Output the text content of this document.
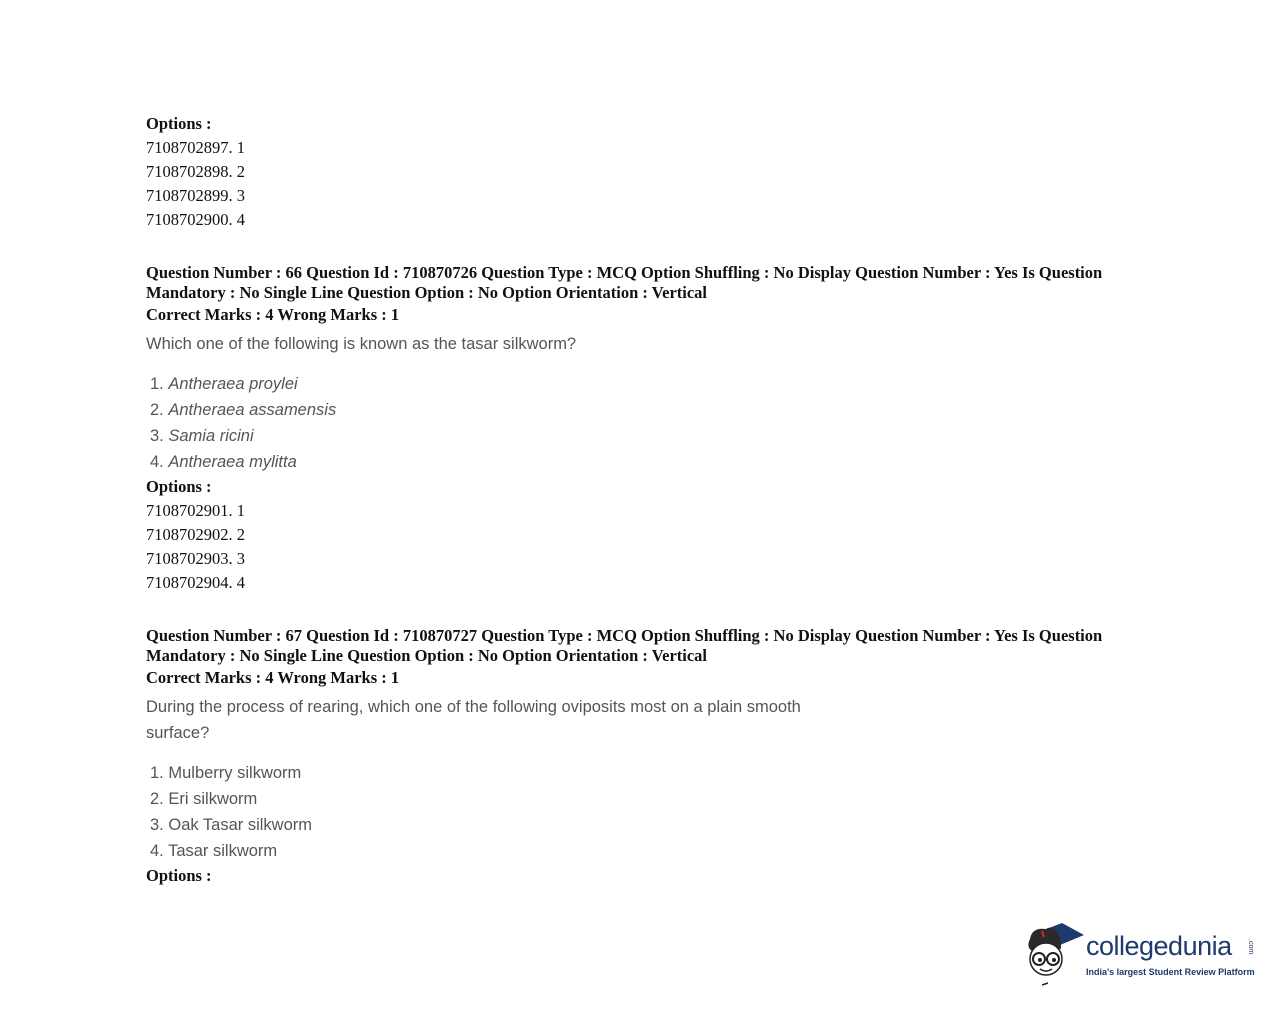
Options :
7108702897. 1
7108702898. 2
7108702899. 3
7108702900. 4
Question Number : 66 Question Id : 710870726 Question Type : MCQ Option Shuffling : No Display Question Number : Yes Is Question
Mandatory : No Single Line Question Option : No Option Orientation : Vertical
Correct Marks : 4 Wrong Marks : 1
Which one of the following is known as the tasar silkworm?
1. Antheraea proylei
2. Antheraea assamensis
3. Samia ricini
4. Antheraea mylitta
Options :
7108702901. 1
7108702902. 2
7108702903. 3
7108702904. 4
Question Number : 67 Question Id : 710870727 Question Type : MCQ Option Shuffling : No Display Question Number : Yes Is Question
Mandatory : No Single Line Question Option : No Option Orientation : Vertical
Correct Marks : 4 Wrong Marks : 1
During the process of rearing, which one of the following oviposits most on a plain smooth
surface?
1. Mulberry silkworm
2. Eri silkworm
3. Oak Tasar silkworm
4. Tasar silkworm
Options :
collegedunia .com
India's largest Student Review Platform
